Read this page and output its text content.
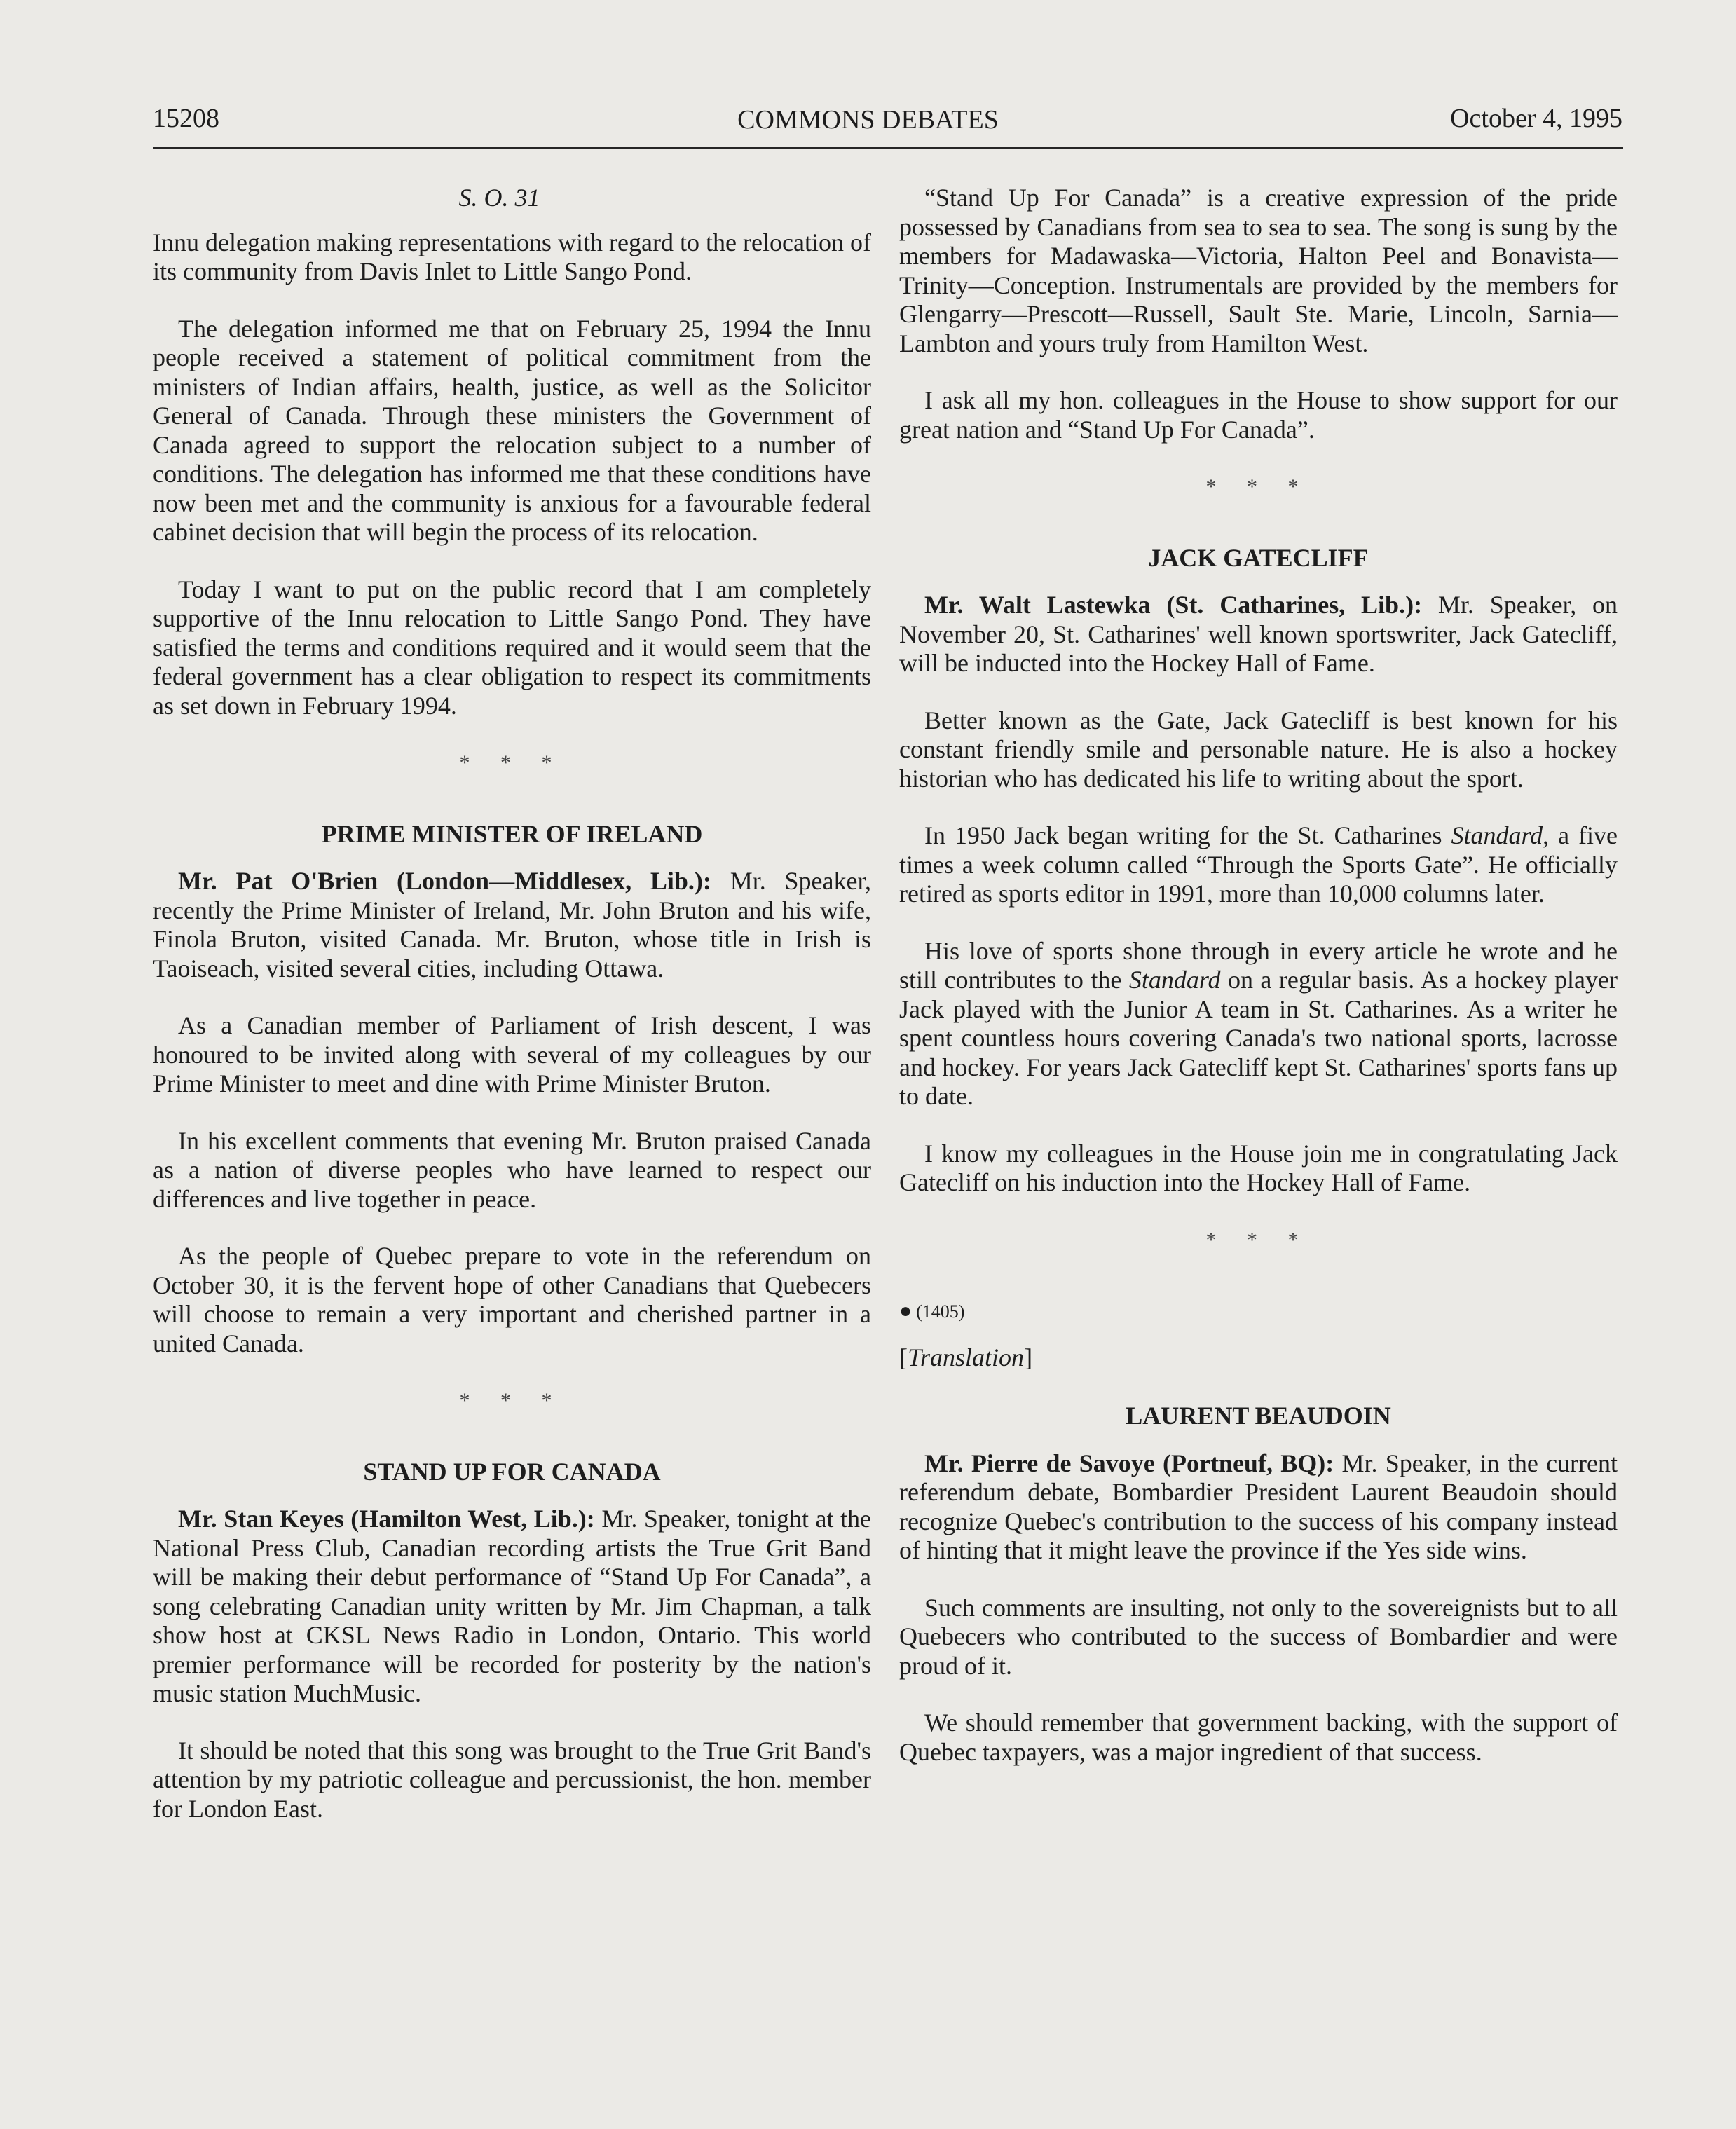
15208	COMMONS DEBATES	October 4, 1995
S. O. 31

Innu delegation making representations with regard to the relocation of its community from Davis Inlet to Little Sango Pond.

The delegation informed me that on February 25, 1994 the Innu people received a statement of political commitment from the ministers of Indian affairs, health, justice, as well as the Solicitor General of Canada. Through these ministers the Government of Canada agreed to support the relocation subject to a number of conditions. The delegation has informed me that these conditions have now been met and the community is anxious for a favourable federal cabinet decision that will begin the process of its relocation.

Today I want to put on the public record that I am completely supportive of the Innu relocation to Little Sango Pond. They have satisfied the terms and conditions required and it would seem that the federal government has a clear obligation to respect its commitments as set down in February 1994.

* * *
PRIME MINISTER OF IRELAND

Mr. Pat O'Brien (London—Middlesex, Lib.): Mr. Speaker, recently the Prime Minister of Ireland, Mr. John Bruton and his wife, Finola Bruton, visited Canada. Mr. Bruton, whose title in Irish is Taoiseach, visited several cities, including Ottawa.

As a Canadian member of Parliament of Irish descent, I was honoured to be invited along with several of my colleagues by our Prime Minister to meet and dine with Prime Minister Bruton.

In his excellent comments that evening Mr. Bruton praised Canada as a nation of diverse peoples who have learned to respect our differences and live together in peace.

As the people of Quebec prepare to vote in the referendum on October 30, it is the fervent hope of other Canadians that Quebecers will choose to remain a very important and cherished partner in a united Canada.

* * *
STAND UP FOR CANADA

Mr. Stan Keyes (Hamilton West, Lib.): Mr. Speaker, tonight at the National Press Club, Canadian recording artists the True Grit Band will be making their debut performance of “Stand Up For Canada”, a song celebrating Canadian unity written by Mr. Jim Chapman, a talk show host at CKSL News Radio in London, Ontario. This world premier performance will be recorded for posterity by the nation's music station MuchMusic.

It should be noted that this song was brought to the True Grit Band's attention by my patriotic colleague and percussionist, the hon. member for London East.

“Stand Up For Canada” is a creative expression of the pride possessed by Canadians from sea to sea to sea. The song is sung by the members for Madawaska—Victoria, Halton Peel and Bonavista—Trinity—Conception. Instrumentals are provided by the members for Glengarry—Prescott—Russell, Sault Ste. Marie, Lincoln, Sarnia—Lambton and yours truly from Hamilton West.

I ask all my hon. colleagues in the House to show support for our great nation and “Stand Up For Canada”.

* * *
JACK GATECLIFF

Mr. Walt Lastewka (St. Catharines, Lib.): Mr. Speaker, on November 20, St. Catharines' well known sportswriter, Jack Gatecliff, will be inducted into the Hockey Hall of Fame.

Better known as the Gate, Jack Gatecliff is best known for his constant friendly smile and personable nature. He is also a hockey historian who has dedicated his life to writing about the sport.

In 1950 Jack began writing for the St. Catharines Standard, a five times a week column called “Through the Sports Gate”. He officially retired as sports editor in 1991, more than 10,000 columns later.

His love of sports shone through in every article he wrote and he still contributes to the Standard on a regular basis. As a hockey player Jack played with the Junior A team in St. Catharines. As a writer he spent countless hours covering Canada's two national sports, lacrosse and hockey. For years Jack Gatecliff kept St. Catharines' sports fans up to date.

I know my colleagues in the House join me in congratulating Jack Gatecliff on his induction into the Hockey Hall of Fame.

* * *
● (1405)
[Translation]
LAURENT BEAUDOIN

Mr. Pierre de Savoye (Portneuf, BQ): Mr. Speaker, in the current referendum debate, Bombardier President Laurent Beaudoin should recognize Quebec's contribution to the success of his company instead of hinting that it might leave the province if the Yes side wins.

Such comments are insulting, not only to the sovereignists but to all Quebecers who contributed to the success of Bombardier and were proud of it.

We should remember that government backing, with the support of Quebec taxpayers, was a major ingredient of that success.
